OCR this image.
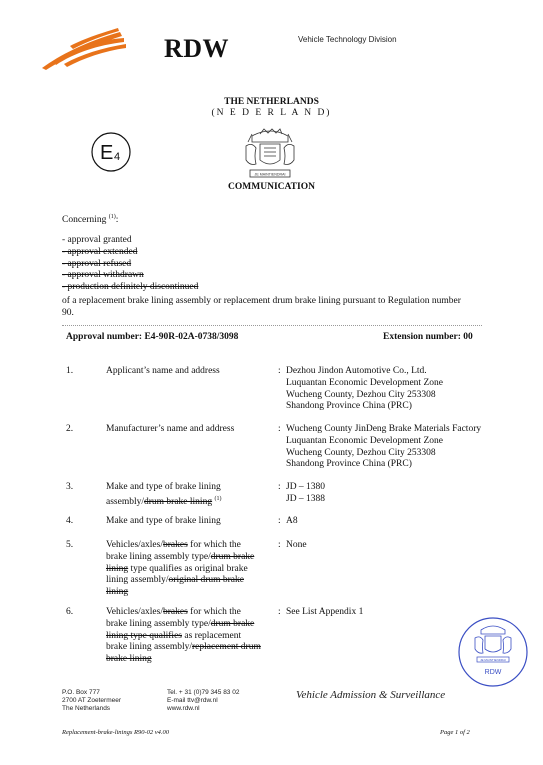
RDW	Vehicle Technology Division
THE NETHERLANDS
(N E D E R L A N D)
E 4
JE MAINTIENDRAI
COMMUNICATION
Concerning $^{(1)}$:
- approval granted
- approval extended
- approval refused
- approval withdrawn
- production definitely discontinued
of a replacement brake lining assembly or replacement drum brake lining pursuant to Regulation number 90.
Approval number: E4-90R-02A-0738/3098	Extension number: 00
1.	Applicant’s name and address	: Dezhou Jindon Automotive Co., Ltd.
Luquantan Economic Development Zone
Wucheng County, Dezhou City 253308
Shandong Province China (PRC)
2.	Manufacturer’s name and address	: Wucheng County JinDeng Brake Materials Factory
Luquantan Economic Development Zone
Wucheng County, Dezhou City 253308
Shandong Province China (PRC)
3.	Make and type of brake lining
assembly/drum brake lining $^{(1)}$
: JD – 1380
JD – 1388
4.	Make and type of brake lining	: A8
5.	Vehicles/axles/brakes for which the
brake lining assembly type/drum brake
lining type qualifies as original brake
lining assembly/original drum brake
lining
: None
6.	Vehicles/axles/brakes for which the
brake lining assembly type/drum brake
lining type qualifies as replacement
brake lining assembly/replacement drum
brake lining
: See List Appendix 1
JE MAINTIENDRAI
RDW
P.O. Box 777
2700 AT Zoetermeer
The Netherlands
Tel. + 31 (0)79 345 83 02
E-mail ttv@rdw.nl
www.rdw.nl
Vehicle Admission & Surveillance
Replacement-brake-linings R90-02 v4.00	Page 1 of 2
